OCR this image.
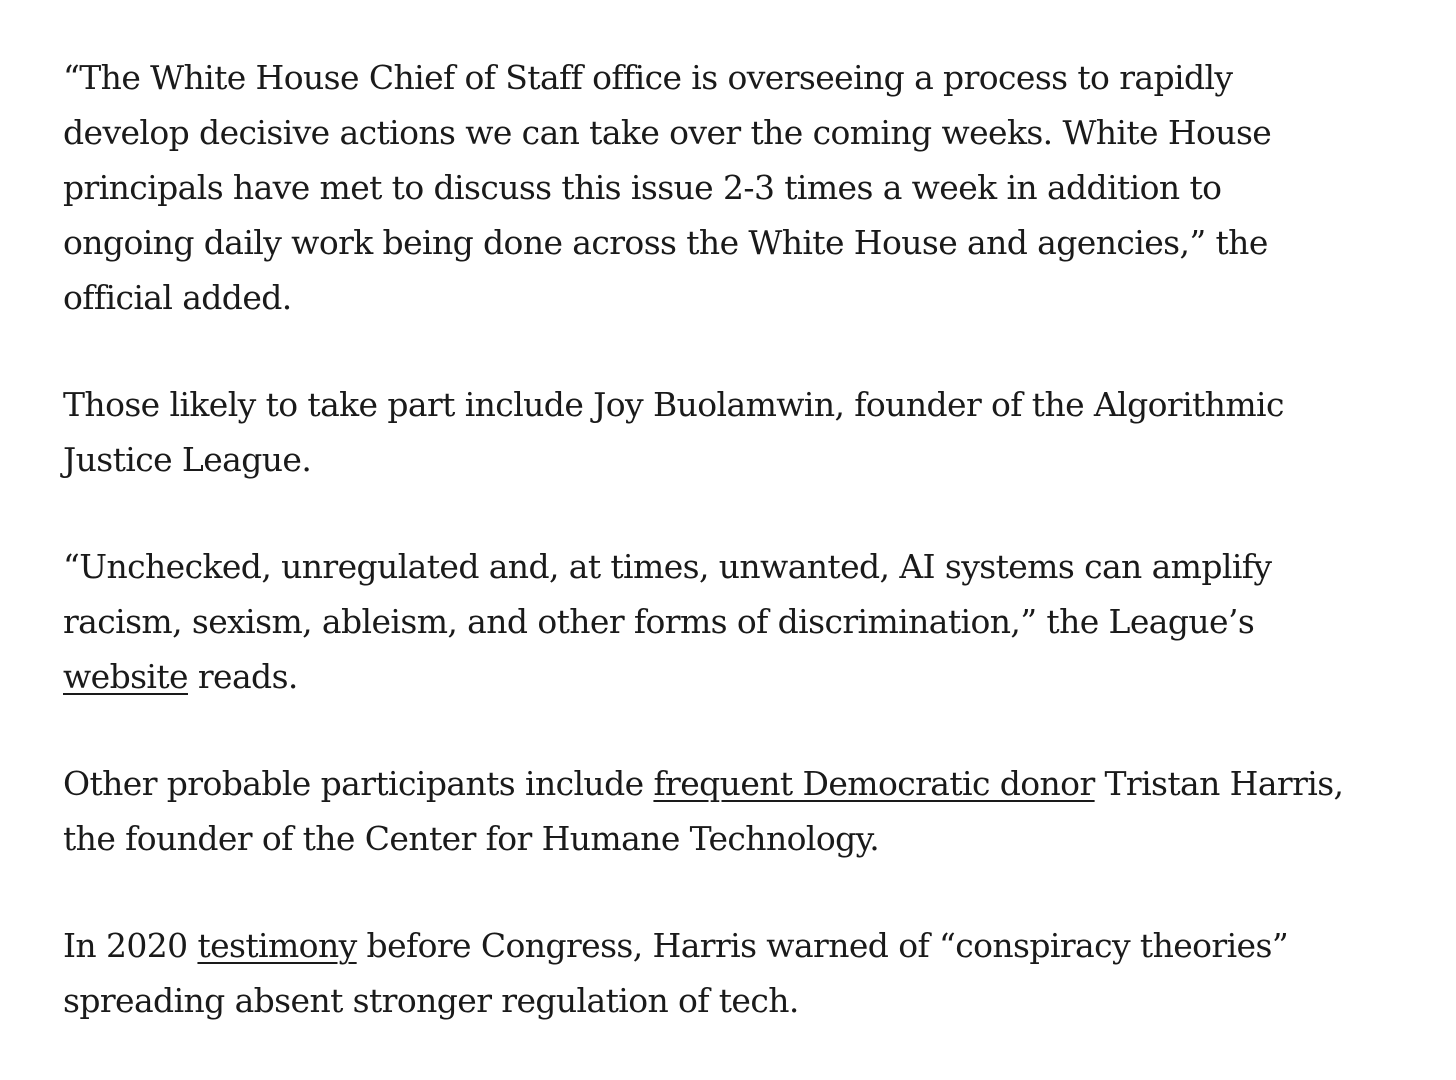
“The White House Chief of Staff office is overseeing a process to rapidly develop decisive actions we can take over the coming weeks. White House principals have met to discuss this issue 2-3 times a week in addition to ongoing daily work being done across the White House and agencies,” the official added.

Those likely to take part include Joy Buolamwin, founder of the Algorithmic Justice League.

“Unchecked, unregulated and, at times, unwanted, AI systems can amplify racism, sexism, ableism, and other forms of discrimination,” the League’s website reads.

Other probable participants include frequent Democratic donor Tristan Harris, the founder of the Center for Humane Technology.

In 2020 testimony before Congress, Harris warned of “conspiracy theories” spreading absent stronger regulation of tech.
